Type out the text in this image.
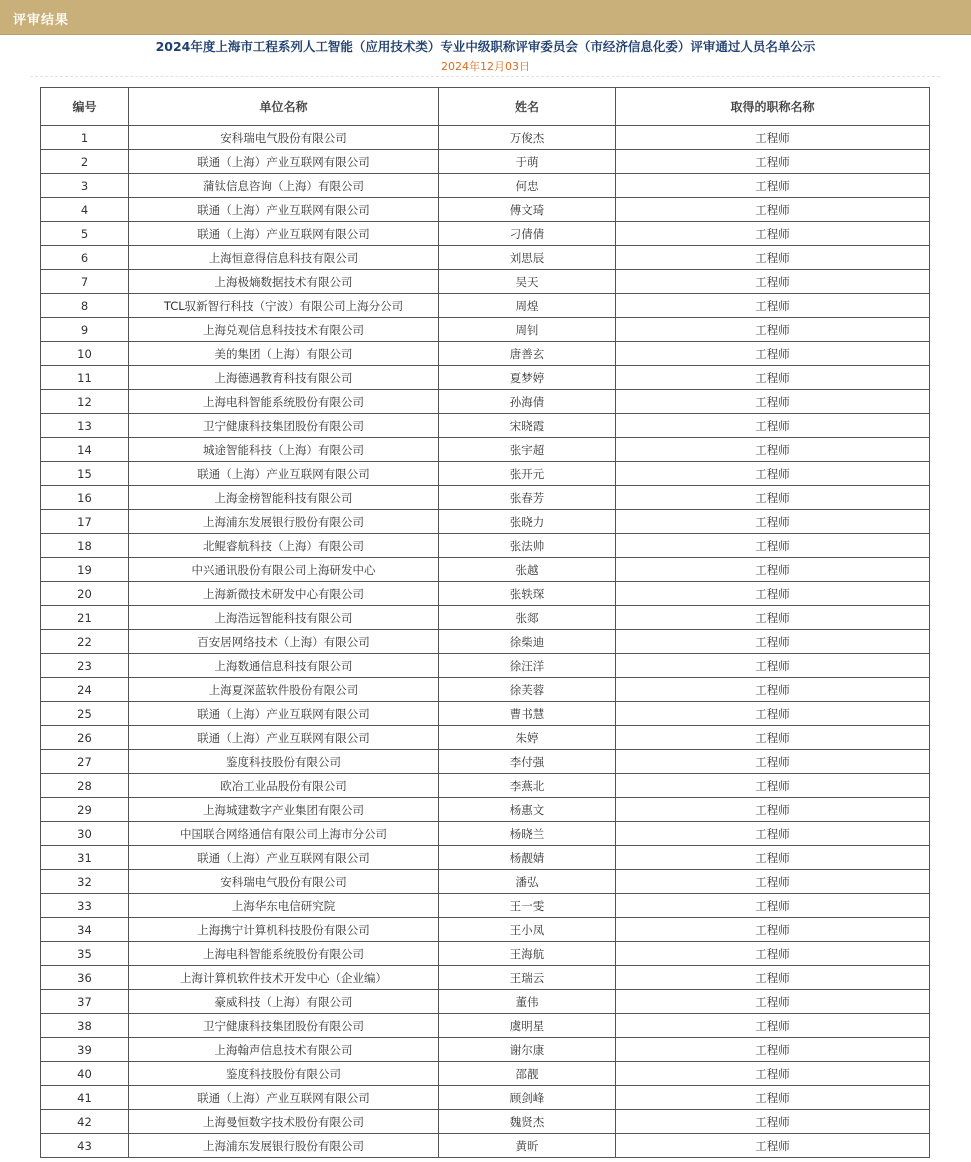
评审结果
2024年度上海市工程系列人工智能（应用技术类）专业中级职称评审委员会（市经济信息化委）评审通过人员名单公示
2024年12月03日
编号	单位名称	姓名	取得的职称名称
1	安科瑞电气股份有限公司	万俊杰	工程师
2	联通（上海）产业互联网有限公司	于萌	工程师
3	蒲钛信息咨询（上海）有限公司	何忠	工程师
4	联通（上海）产业互联网有限公司	傅文琦	工程师
5	联通（上海）产业互联网有限公司	刁倩倩	工程师
6	上海恒意得信息科技有限公司	刘思辰	工程师
7	上海极熵数据技术有限公司	吴天	工程师
8	TCL驭新智行科技（宁波）有限公司上海分公司	周煌	工程师
9	上海兑观信息科技技术有限公司	周钊	工程师
10	美的集团（上海）有限公司	唐善玄	工程师
11	上海德遇教育科技有限公司	夏梦婷	工程师
12	上海电科智能系统股份有限公司	孙海倩	工程师
13	卫宁健康科技集团股份有限公司	宋晓霞	工程师
14	城途智能科技（上海）有限公司	张宇超	工程师
15	联通（上海）产业互联网有限公司	张开元	工程师
16	上海金榜智能科技有限公司	张春芳	工程师
17	上海浦东发展银行股份有限公司	张晓力	工程师
18	北鲲睿航科技（上海）有限公司	张法帅	工程师
19	中兴通讯股份有限公司上海研发中心	张越	工程师
20	上海新微技术研发中心有限公司	张轶琛	工程师
21	上海浩远智能科技有限公司	张郯	工程师
22	百安居网络技术（上海）有限公司	徐柴迪	工程师
23	上海数通信息科技有限公司	徐汪洋	工程师
24	上海夏深蓝软件股份有限公司	徐芙蓉	工程师
25	联通（上海）产业互联网有限公司	曹书慧	工程师
26	联通（上海）产业互联网有限公司	朱婷	工程师
27	鉴度科技股份有限公司	李付强	工程师
28	欧冶工业品股份有限公司	李燕北	工程师
29	上海城建数字产业集团有限公司	杨惠文	工程师
30	中国联合网络通信有限公司上海市分公司	杨晓兰	工程师
31	联通（上海）产业互联网有限公司	杨靓婧	工程师
32	安科瑞电气股份有限公司	潘弘	工程师
33	上海华东电信研究院	王一雯	工程师
34	上海携宁计算机科技股份有限公司	王小凤	工程师
35	上海电科智能系统股份有限公司	王海航	工程师
36	上海计算机软件技术开发中心（企业编）	王瑞云	工程师
37	豪威科技（上海）有限公司	董伟	工程师
38	卫宁健康科技集团股份有限公司	虞明星	工程师
39	上海翰声信息技术有限公司	谢尔康	工程师
40	鉴度科技股份有限公司	邵靓	工程师
41	联通（上海）产业互联网有限公司	顾剑峰	工程师
42	上海曼恒数字技术股份有限公司	魏贤杰	工程师
43	上海浦东发展银行股份有限公司	黄昕	工程师
